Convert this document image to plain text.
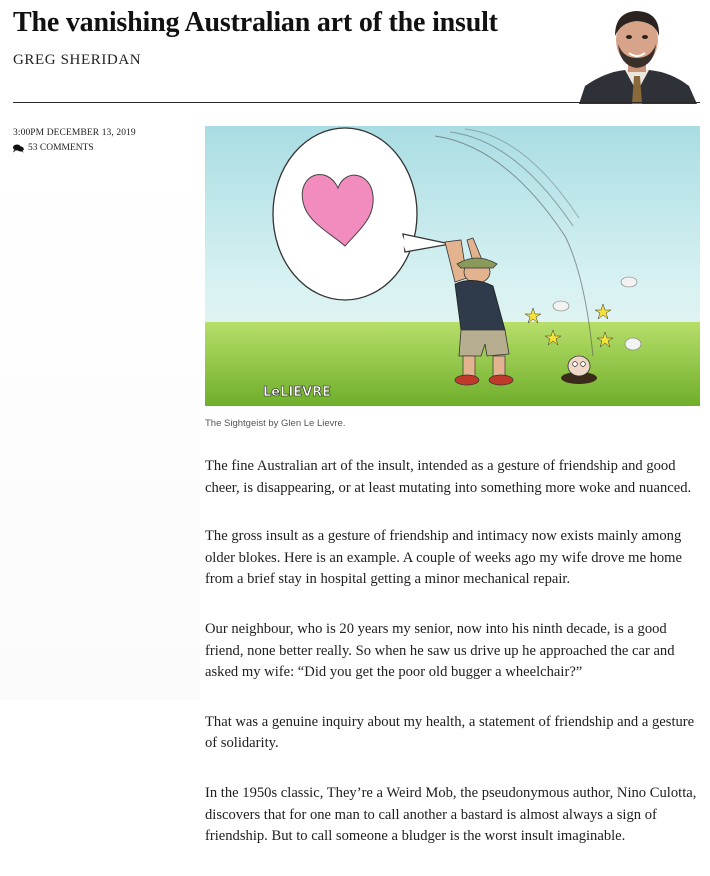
The vanishing Australian art of the insult
GREG SHERIDAN
3:00PM DECEMBER 13, 2019
53 COMMENTS
LeLIEVRE
The Sightgeist by Glen Le Lievre.

The fine Australian art of the insult, intended as a gesture of friendship and good cheer, is disappearing, or at least mutating into something more woke and nuanced.

The gross insult as a gesture of friendship and intimacy now exists mainly among older blokes. Here is an example. A couple of weeks ago my wife drove me home from a brief stay in hospital getting a minor mechanical repair.

Our neighbour, who is 20 years my senior, now into his ninth decade, is a good friend, none better really. So when he saw us drive up he approached the car and asked my wife: “Did you get the poor old bugger a wheelchair?”

That was a genuine inquiry about my health, a statement of friendship and a gesture of solidarity.

In the 1950s classic, They’re a Weird Mob, the pseudonymous author, Nino Culotta, discovers that for one man to call another a bastard is almost always a sign of friendship. But to call someone a bludger is the worst insult imaginable.
